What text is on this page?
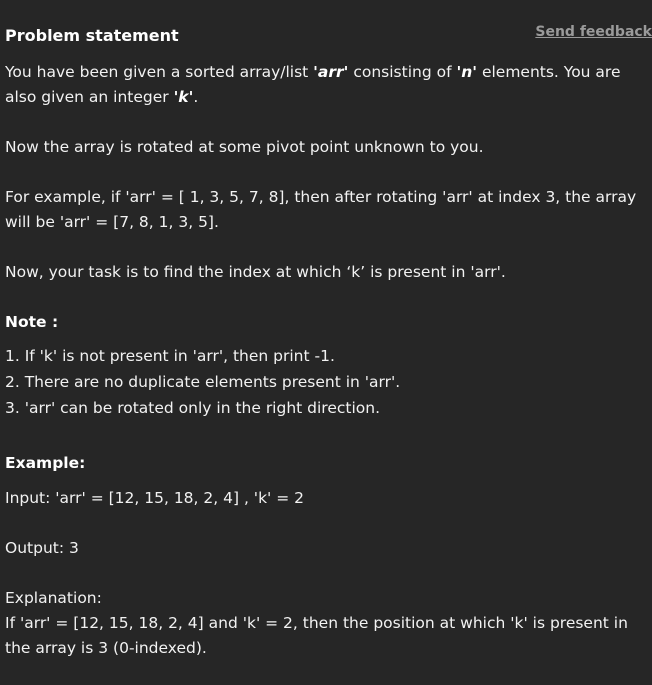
Problem statement	Send feedback

You have been given a sorted array/list 'arr' consisting of 'n' elements. You are also given an integer 'k'.

Now the array is rotated at some pivot point unknown to you.

For example, if 'arr' = [ 1, 3, 5, 7, 8], then after rotating 'arr' at index 3, the array will be 'arr' = [7, 8, 1, 3, 5].

Now, your task is to find the index at which ‘k’ is present in 'arr'.

Note :

1. If 'k' is not present in 'arr', then print -1.

2. There are no duplicate elements present in 'arr'.

3. 'arr' can be rotated only in the right direction.

Example:

Input: 'arr' = [12, 15, 18, 2, 4] , 'k' = 2

Output: 3

Explanation:

If 'arr' = [12, 15, 18, 2, 4] and 'k' = 2, then the position at which 'k' is present in the array is 3 (0-indexed).
